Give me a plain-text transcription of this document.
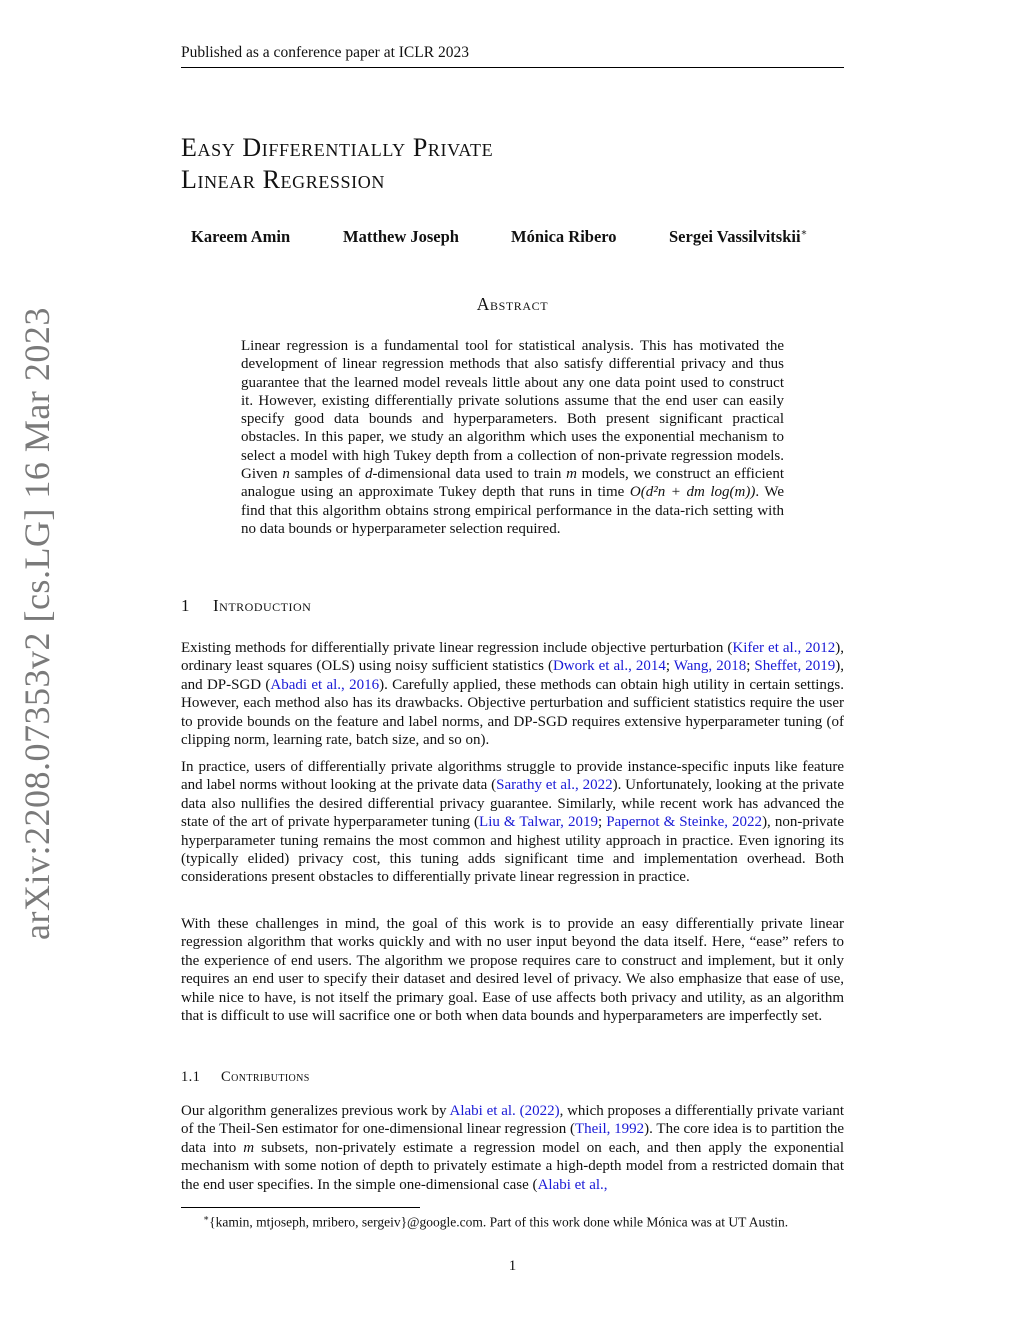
Published as a conference paper at ICLR 2023
arXiv:2208.07353v2 [cs.LG] 16 Mar 2023
Easy Differentially Private
Linear Regression
Kareem Amin	Matthew Joseph	Mónica Ribero	Sergei Vassilvitskii∗
Abstract
Linear regression is a fundamental tool for statistical analysis. This has motivated the development of linear regression methods that also satisfy differential privacy and thus guarantee that the learned model reveals little about any one data point used to construct it. However, existing differentially private solutions assume that the end user can easily specify good data bounds and hyperparameters. Both present significant practical obstacles. In this paper, we study an algorithm which uses the exponential mechanism to select a model with high Tukey depth from a collection of non-private regression models. Given n samples of d-dimensional data used to train m models, we construct an efficient analogue using an approximate Tukey depth that runs in time O(d²n + dm log(m)). We find that this algorithm obtains strong empirical performance in the data-rich setting with no data bounds or hyperparameter selection required.
1 Introduction

Existing methods for differentially private linear regression include objective perturbation (Kifer et al., 2012), ordinary least squares (OLS) using noisy sufficient statistics (Dwork et al., 2014; Wang, 2018; Sheffet, 2019), and DP-SGD (Abadi et al., 2016). Carefully applied, these methods can obtain high utility in certain settings. However, each method also has its drawbacks. Objective perturbation and sufficient statistics require the user to provide bounds on the feature and label norms, and DP-SGD requires extensive hyperparameter tuning (of clipping norm, learning rate, batch size, and so on).

In practice, users of differentially private algorithms struggle to provide instance-specific inputs like feature and label norms without looking at the private data (Sarathy et al., 2022). Unfortunately, looking at the private data also nullifies the desired differential privacy guarantee. Similarly, while recent work has advanced the state of the art of private hyperparameter tuning (Liu & Talwar, 2019; Papernot & Steinke, 2022), non-private hyperparameter tuning remains the most common and highest utility approach in practice. Even ignoring its (typically elided) privacy cost, this tuning adds significant time and implementation overhead. Both considerations present obstacles to differentially private linear regression in practice.

With these challenges in mind, the goal of this work is to provide an easy differentially private linear regression algorithm that works quickly and with no user input beyond the data itself. Here, “ease” refers to the experience of end users. The algorithm we propose requires care to construct and implement, but it only requires an end user to specify their dataset and desired level of privacy. We also emphasize that ease of use, while nice to have, is not itself the primary goal. Ease of use affects both privacy and utility, as an algorithm that is difficult to use will sacrifice one or both when data bounds and hyperparameters are imperfectly set.

1.1 Contributions

Our algorithm generalizes previous work by Alabi et al. (2022), which proposes a differentially private variant of the Theil-Sen estimator for one-dimensional linear regression (Theil, 1992). The core idea is to partition the data into m subsets, non-privately estimate a regression model on each, and then apply the exponential mechanism with some notion of depth to privately estimate a high-depth model from a restricted domain that the end user specifies. In the simple one-dimensional case (Alabi et al.,

∗{kamin, mtjoseph, mribero, sergeiv}@google.com. Part of this work done while Mónica was at UT Austin.
1
